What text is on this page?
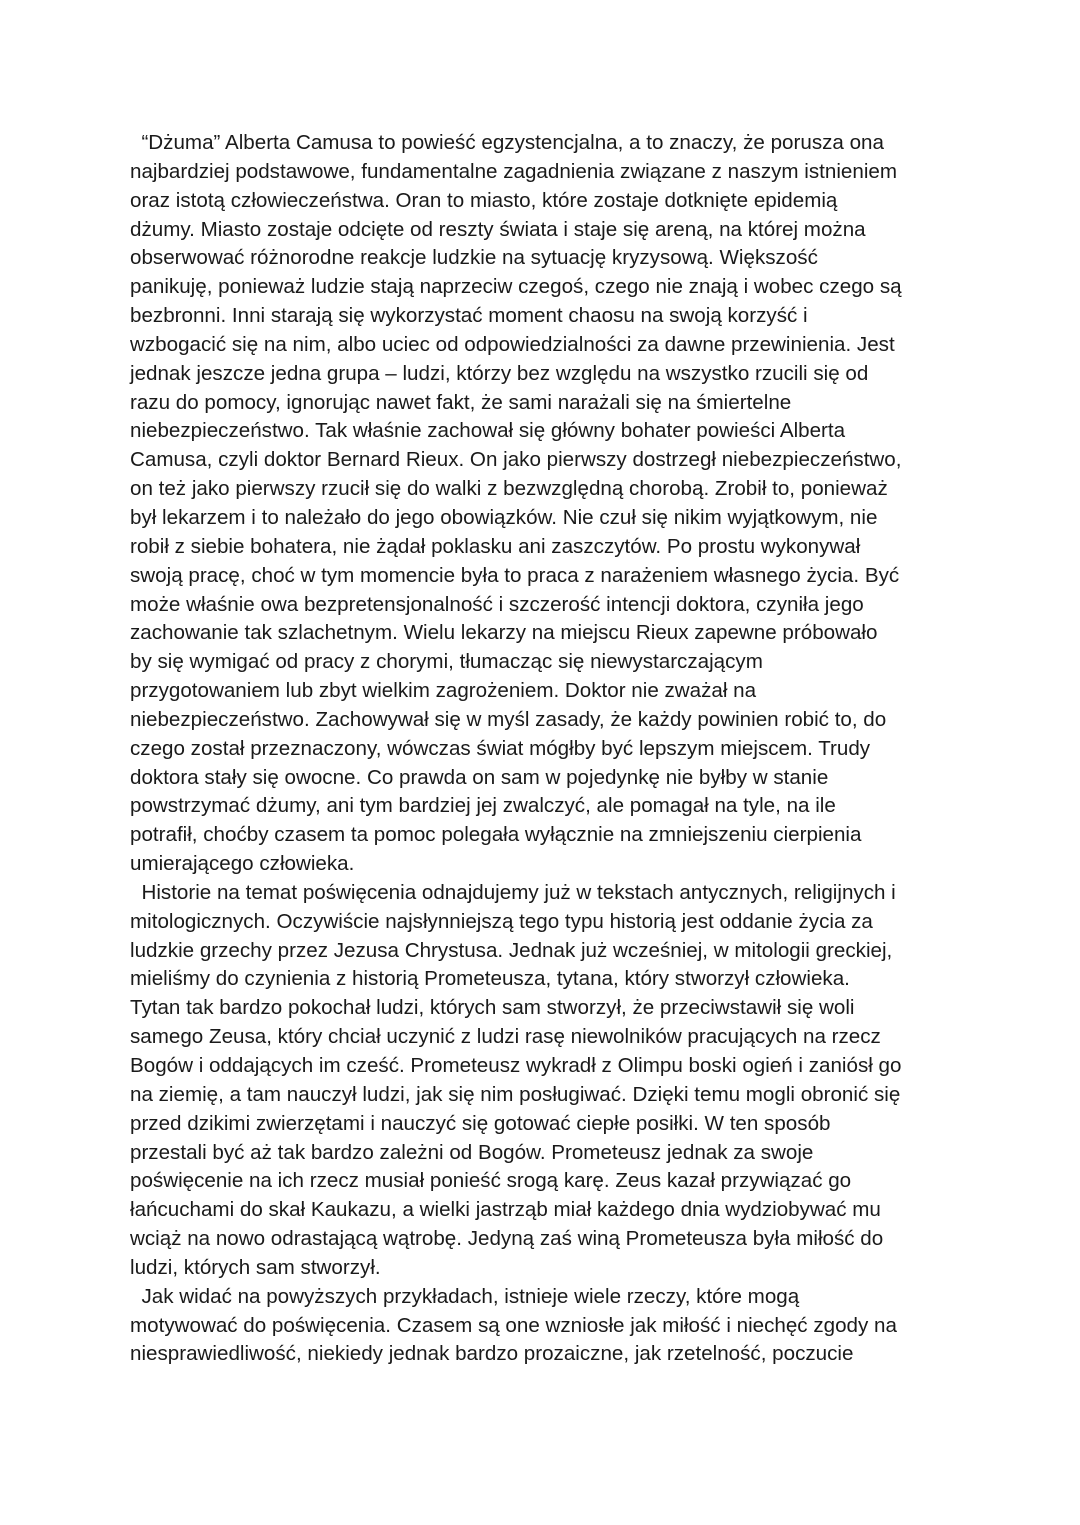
“Dżuma” Alberta Camusa to powieść egzystencjalna, a to znaczy, że porusza ona
najbardziej podstawowe, fundamentalne zagadnienia związane z naszym istnieniem
oraz istotą człowieczeństwa. Oran to miasto, które zostaje dotknięte epidemią
dżumy. Miasto zostaje odcięte od reszty świata i staje się areną, na której można
obserwować różnorodne reakcje ludzkie na sytuację kryzysową. Większość
panikuję, ponieważ ludzie stają naprzeciw czegoś, czego nie znają i wobec czego są
bezbronni. Inni starają się wykorzystać moment chaosu na swoją korzyść i
wzbogacić się na nim, albo uciec od odpowiedzialności za dawne przewinienia. Jest
jednak jeszcze jedna grupa – ludzi, którzy bez względu na wszystko rzucili się od
razu do pomocy, ignorując nawet fakt, że sami narażali się na śmiertelne
niebezpieczeństwo. Tak właśnie zachował się główny bohater powieści Alberta
Camusa, czyli doktor Bernard Rieux. On jako pierwszy dostrzegł niebezpieczeństwo,
on też jako pierwszy rzucił się do walki z bezwzględną chorobą. Zrobił to, ponieważ
był lekarzem i to należało do jego obowiązków. Nie czuł się nikim wyjątkowym, nie
robił z siebie bohatera, nie żądał poklasku ani zaszczytów. Po prostu wykonywał
swoją pracę, choć w tym momencie była to praca z narażeniem własnego życia. Być
może właśnie owa bezpretensjonalność i szczerość intencji doktora, czyniła jego
zachowanie tak szlachetnym. Wielu lekarzy na miejscu Rieux zapewne próbowało
by się wymigać od pracy z chorymi, tłumacząc się niewystarczającym
przygotowaniem lub zbyt wielkim zagrożeniem. Doktor nie zważał na
niebezpieczeństwo. Zachowywał się w myśl zasady, że każdy powinien robić to, do
czego został przeznaczony, wówczas świat mógłby być lepszym miejscem. Trudy
doktora stały się owocne. Co prawda on sam w pojedynkę nie byłby w stanie
powstrzymać dżumy, ani tym bardziej jej zwalczyć, ale pomagał na tyle, na ile
potrafił, choćby czasem ta pomoc polegała wyłącznie na zmniejszeniu cierpienia
umierającego człowieka.
Historie na temat poświęcenia odnajdujemy już w tekstach antycznych, religijnych i
mitologicznych. Oczywiście najsłynniejszą tego typu historią jest oddanie życia za
ludzkie grzechy przez Jezusa Chrystusa. Jednak już wcześniej, w mitologii greckiej,
mieliśmy do czynienia z historią Prometeusza, tytana, który stworzył człowieka.
Tytan tak bardzo pokochał ludzi, których sam stworzył, że przeciwstawił się woli
samego Zeusa, który chciał uczynić z ludzi rasę niewolników pracujących na rzecz
Bogów i oddających im cześć. Prometeusz wykradł z Olimpu boski ogień i zaniósł go
na ziemię, a tam nauczył ludzi, jak się nim posługiwać. Dzięki temu mogli obronić się
przed dzikimi zwierzętami i nauczyć się gotować ciepłe posiłki. W ten sposób
przestali być aż tak bardzo zależni od Bogów. Prometeusz jednak za swoje
poświęcenie na ich rzecz musiał ponieść srogą karę. Zeus kazał przywiązać go
łańcuchami do skał Kaukazu, a wielki jastrząb miał każdego dnia wydziobywać mu
wciąż na nowo odrastającą wątrobę. Jedyną zaś winą Prometeusza była miłość do
ludzi, których sam stworzył.
Jak widać na powyższych przykładach, istnieje wiele rzeczy, które mogą
motywować do poświęcenia. Czasem są one wzniosłe jak miłość i niechęć zgody na
niesprawiedliwość, niekiedy jednak bardzo prozaiczne, jak rzetelność, poczucie
